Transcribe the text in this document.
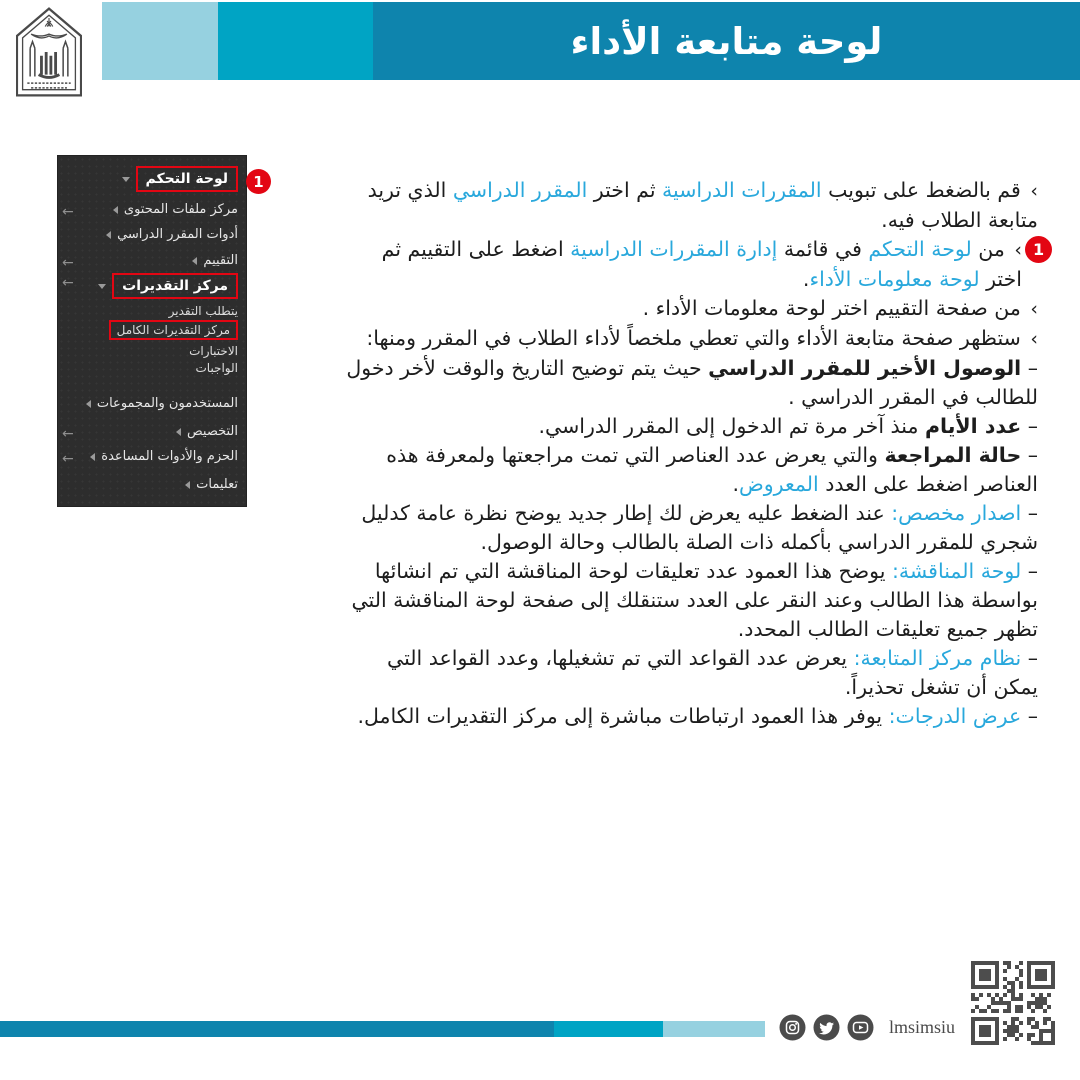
لوحة متابعة الأداء
لوحة التحكم
مركز ملفات المحتوى
←
أدوات المقرر الدراسي
التقييم
←
مركز التقديرات
←
يتطلب التقدير
مركز التقديرات الكامل
الاختبارات
الواجبات
المستخدمون والمجموعات
التخصيص
←
الحزم والأدوات المساعدة
←
تعليمات
1	‹ قم بالضغط على تبويب المقررات الدراسية ثم اختر المقرر الدراسي الذي تريد متابعة الطلاب فيه.

‹ من لوحة التحكم في قائمة إدارة المقررات الدراسية اضغط على التقييم ثم اختر لوحة معلومات الأداء.
1

‹ من صفحة التقييم اختر لوحة معلومات الأداء .

‹ ستظهر صفحة متابعة الأداء والتي تعطي ملخصاً لأداء الطلاب في المقرر ومنها:

– الوصول الأخير للمقرر الدراسي حيث يتم توضيح التاريخ والوقت لأخر دخول للطالب في المقرر الدراسي .

– عدد الأيام منذ آخر مرة تم الدخول إلى المقرر الدراسي.

– حالة المراجعة والتي يعرض عدد العناصر التي تمت مراجعتها ولمعرفة هذه العناصر اضغط على العدد المعروض.

– اصدار مخصص: عند الضغط عليه يعرض لك إطار جديد يوضح نظرة عامة كدليل شجري للمقرر الدراسي بأكمله ذات الصلة بالطالب وحالة الوصول.

– لوحة المناقشة: يوضح هذا العمود عدد تعليقات لوحة المناقشة التي تم انشائها بواسطة هذا الطالب وعند النقر على العدد ستنقلك إلى صفحة لوحة المناقشة التي تظهر جميع تعليقات الطالب المحدد.

– نظام مركز المتابعة: يعرض عدد القواعد التي تم تشغيلها، وعدد القواعد التي يمكن أن تشغل تحذيراً.

– عرض الدرجات: يوفر هذا العمود ارتباطات مباشرة إلى مركز التقديرات الكامل.

lmsimsiu
